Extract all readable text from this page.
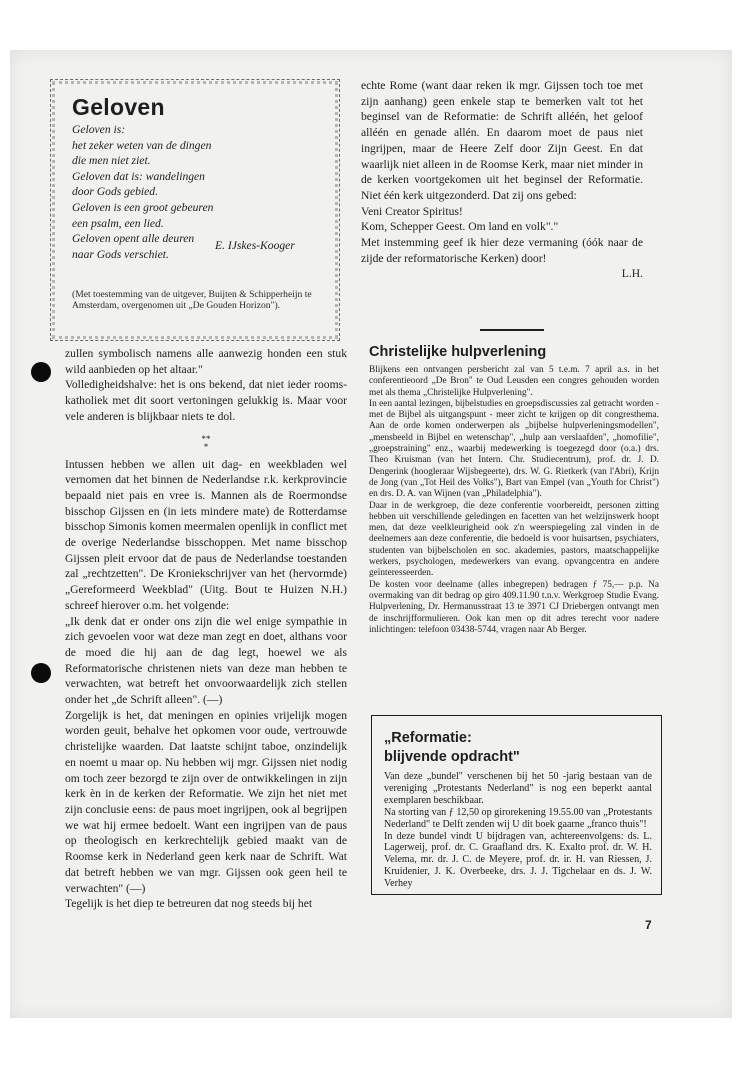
Geloven
Geloven is:
het zeker weten van de dingen
die men niet ziet.
Geloven dat is: wandelingen
door Gods gebied.
Geloven is een groot gebeuren
een psalm, een lied.
Geloven opent alle deuren
naar Gods verschiet.
E. IJskes-Kooger
(Met toestemming van de uitgever, Buijten & Schipperheijn te Amsterdam, overgenomen uit „De Gouden Horizon").

zullen symbolisch namens alle aanwezig honden een stuk wild aanbieden op het altaar."

Volledigheidshalve: het is ons bekend, dat niet ieder rooms-katholiek met dit soort vertoningen gelukkig is. Maar voor vele anderen is blijkbaar niets te dol.

**
*

Intussen hebben we allen uit dag- en weekbladen wel vernomen dat het binnen de Nederlandse r.k. kerkprovincie bepaald niet pais en vree is. Mannen als de Roermondse bisschop Gijssen en (in iets mindere mate) de Rotterdamse bisschop Simonis komen meermalen openlijk in conflict met de overige Nederlandse bisschoppen. Met name bisschop Gijssen pleit ervoor dat de paus de Nederlandse toestanden zal „rechtzetten". De Kroniekschrijver van het (hervormde) „Gereformeerd Weekblad" (Uitg. Bout te Huizen N.H.) schreef hierover o.m. het volgende:

„Ik denk dat er onder ons zijn die wel enige sympathie in zich gevoelen voor wat deze man zegt en doet, althans voor de moed die hij aan de dag legt, hoewel we als Reformatorische christenen niets van deze man hebben te verwachten, wat betreft het onvoorwaardelijk zich stellen onder het „de Schrift alleen". (—)

Zorgelijk is het, dat meningen en opinies vrijelijk mogen worden geuit, behalve het opkomen voor oude, vertrouwde christelijke waarden. Dat laatste schijnt taboe, onzindelijk en noemt u maar op. Nu hebben wij mgr. Gijssen niet nodig om toch zeer bezorgd te zijn over de ontwikkelingen in zijn kerk èn in de kerken der Reformatie. We zijn het niet met zijn conclusie eens: de paus moet ingrijpen, ook al begrijpen we wat hij ermee bedoelt. Want een ingrijpen van de paus op theologisch en kerkrechtelijk gebied maakt van de Roomse kerk in Nederland geen kerk naar de Schrift. Wat dat betreft hebben we van mgr. Gijssen ook geen heil te verwachten" (—)

Tegelijk is het diep te betreuren dat nog steeds bij het

echte Rome (want daar reken ik mgr. Gijssen toch toe met zijn aanhang) geen enkele stap te bemerken valt tot het beginsel van de Reformatie: de Schrift alléén, het geloof alléén en genade allén. En daarom moet de paus niet ingrijpen, maar de Heere Zelf door Zijn Geest. En dat waarlijk niet alleen in de Roomse Kerk, maar niet minder in de kerken voortgekomen uit het beginsel der Reformatie. Niet één kerk uitgezonderd. Dat zij ons gebed:

Veni Creator Spiritus!

Kom, Schepper Geest. Om land en volk"."

Met instemming geef ik hier deze vermaning (óók naar de zijde der reformatorische Kerken) door!

L.H.

Christelijke hulpverlening

Blijkens een ontvangen persbericht zal van 5 t.e.m. 7 april a.s. in het conferentieoord „De Bron" te Oud Leusden een congres gehouden worden met als thema „Christelijke Hulpverlening".

In een aantal lezingen, bijbelstudies en groepsdiscussies zal getracht worden - met de Bijbel als uitgangspunt - meer zicht te krijgen op dit congresthema. Aan de orde komen onderwerpen als „bijbelse hulpverleningsmodellen", „mensbeeld in Bijbel en wetenschap", „hulp aan verslaafden", „homofilie", „groepstraining" enz., waarbij medewerking is toegezegd door (o.a.) drs. Theo Kruisman (van het Intern. Chr. Studiecentrum), prof. dr. J. D. Dengerink (hoogleraar Wijsbegeerte), drs. W. G. Rietkerk (van l'Abri), Krijn de Jong (van „Tot Heil des Volks"), Bart van Empel (van „Youth for Christ") en drs. D. A. van Wijnen (van „Philadelphia").

Daar in de werkgroep, die deze conferentie voorbereidt, personen zitting hebben uit verschillende geledingen en facetten van het welzijnswerk hoopt men, dat deze veelkleurigheid ook z'n weerspiegeling zal vinden in de deelnemers aan deze conferentie, die bedoeld is voor huisartsen, psychiaters, studenten van bijbelscholen en soc. akademies, pastors, maatschappelijke werkers, psychologen, medewerkers van evang. opvangcentra en andere geïnteresseerden.

De kosten voor deelname (alles inbegrepen) bedragen ƒ 75,— p.p. Na overmaking van dit bedrag op giro 409.11.90 t.n.v. Werkgroep Studie Evang. Hulpverlening, Dr. Hermanusstraat 13 te 3971 CJ Driebergen ontvangt men de inschrijfformulieren. Ook kan men op dit adres terecht voor nadere inlichtingen: telefoon 03438-5744, vragen naar Ab Berger.

„Reformatie:
blijvende opdracht"

Van deze „bundel" verschenen bij het 50 -jarig bestaan van de vereniging „Protestants Nederland" is nog een beperkt aantal exemplaren beschikbaar.

Na storting van ƒ 12,50 op girorekening 19.55.00 van „Protestants Nederland" te Delft zenden wij U dit boek gaarne „franco thuis"!

In deze bundel vindt U bijdragen van, achtereenvolgens: ds. L. Lagerweij, prof. dr. C. Graafland drs. K. Exalto prof. dr. W. H. Velema, mr. dr. J. C. de Meyere, prof. dr. ir. H. van Riessen, J. Kruidenier, J. K. Overbeeke, drs. J. J. Tigchelaar en ds. J. W. Verhey

7
